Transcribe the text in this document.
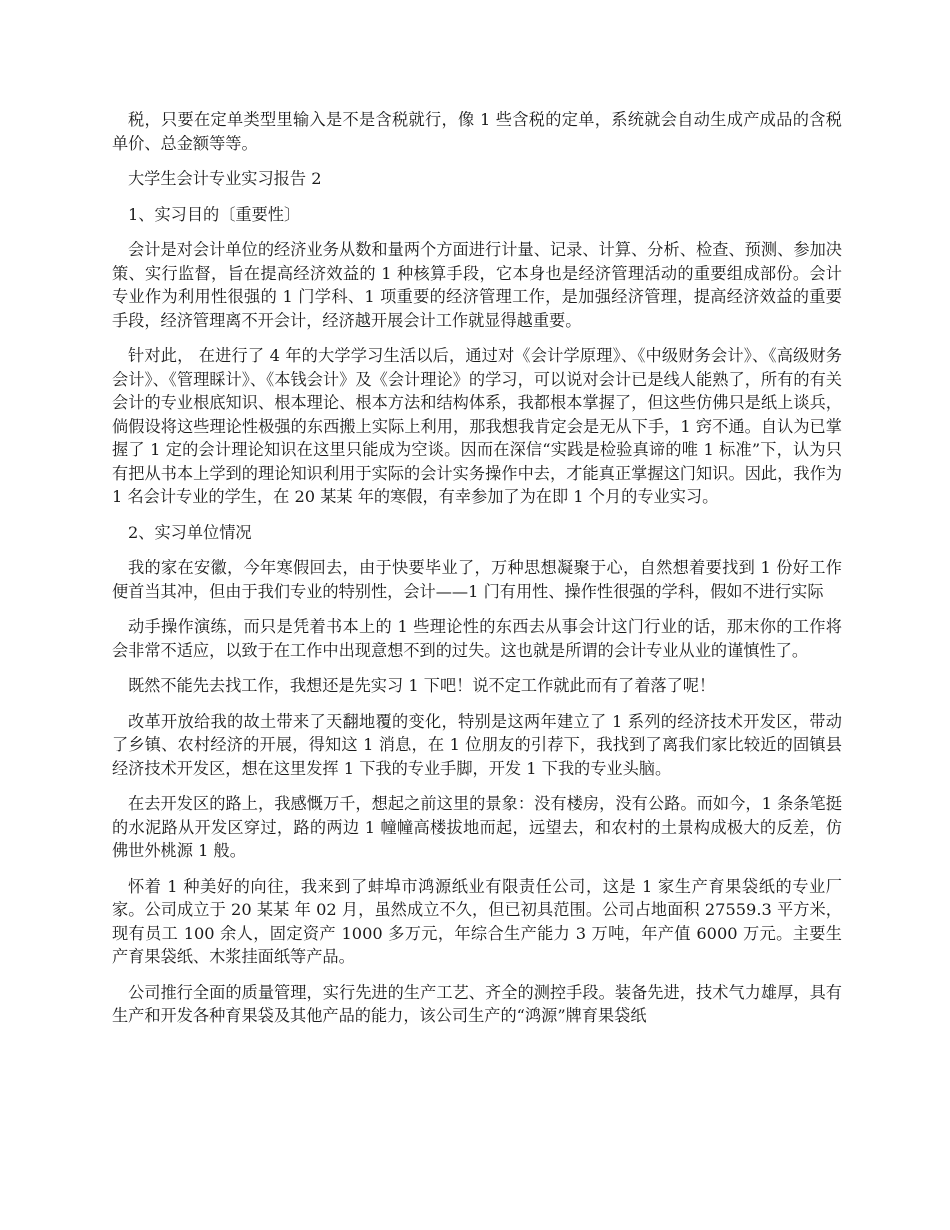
税，只要在定单类型里输入是不是含税就行，像 1 些含税的定单，系统就会自动生成产成品的含税单价、总金额等等。

大学生会计专业实习报告 2

1、实习目的〔重要性〕

会计是对会计单位的经济业务从数和量两个方面进行计量、记录、计算、分析、检查、预测、参加决策、实行监督，旨在提高经济效益的 1 种核算手段，它本身也是经济管理活动的重要组成部份。会计专业作为利用性很强的 1 门学科、1 项重要的经济管理工作，是加强经济管理，提高经济效益的重要手段，经济管理离不开会计，经济越开展会计工作就显得越重要。

针对此， 在进行了 4 年的大学学习生活以后，通过对《会计学原理》、《中级财务会计》、《高级财务会计》、《管理睬计》、《本钱会计》及《会计理论》的学习，可以说对会计已是线人能熟了，所有的有关会计的专业根底知识、根本理论、根本方法和结构体系，我都根本掌握了，但这些仿佛只是纸上谈兵，倘假设将这些理论性极强的东西搬上实际上利用，那我想我肯定会是无从下手，1 窍不通。自认为已掌握了 1 定的会计理论知识在这里只能成为空谈。因而在深信“实践是检验真谛的唯 1 标准”下，认为只有把从书本上学到的理论知识利用于实际的会计实务操作中去，才能真正掌握这门知识。因此，我作为 1 名会计专业的学生，在 20 某某 年的寒假，有幸参加了为在即 1 个月的专业实习。

2、实习单位情况

我的家在安徽，今年寒假回去，由于快要毕业了，万种思想凝聚于心，自然想着要找到 1 份好工作便首当其冲，但由于我们专业的特别性，会计——1 门有用性、操作性很强的学科，假如不进行实际

动手操作演练，而只是凭着书本上的 1 些理论性的东西去从事会计这门行业的话，那末你的工作将会非常不适应，以致于在工作中出现意想不到的过失。这也就是所谓的会计专业从业的谨慎性了。

既然不能先去找工作，我想还是先实习 1 下吧！说不定工作就此而有了着落了呢！

改革开放给我的故土带来了天翻地覆的变化，特别是这两年建立了 1 系列的经济技术开发区，带动了乡镇、农村经济的开展，得知这 1 消息，在 1 位朋友的引荐下，我找到了离我们家比较近的固镇县经济技术开发区，想在这里发挥 1 下我的专业手脚，开发 1 下我的专业头脑。

在去开发区的路上，我感慨万千，想起之前这里的景象：没有楼房，没有公路。而如今，1 条条笔挺的水泥路从开发区穿过，路的两边 1 幢幢高楼拔地而起，远望去，和农村的土景构成极大的反差，仿佛世外桃源 1 般。

怀着 1 种美好的向往，我来到了蚌埠市鸿源纸业有限责任公司，这是 1 家生产育果袋纸的专业厂家。公司成立于 20 某某 年 02 月，虽然成立不久，但已初具范围。公司占地面积 27559.3 平方米，现有员工 100 余人，固定资产 1000 多万元，年综合生产能力 3 万吨，年产值 6000 万元。主要生产育果袋纸、木浆挂面纸等产品。

公司推行全面的质量管理，实行先进的生产工艺、齐全的测控手段。装备先进，技术气力雄厚，具有生产和开发各种育果袋及其他产品的能力，该公司生产的“鸿源”牌育果袋纸
